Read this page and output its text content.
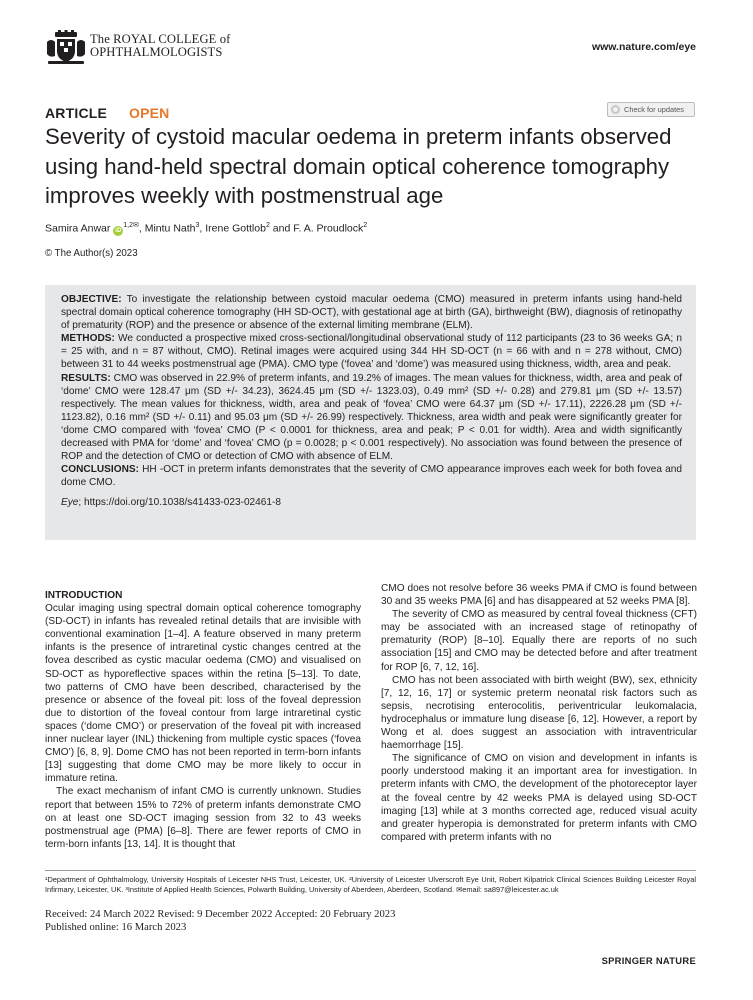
The ROYAL COLLEGE of
OPHTHALMOLOGISTS	www.nature.com/eye
ARTICLE OPEN	Check for updates
Severity of cystoid macular oedema in preterm infants observed using hand-held spectral domain optical coherence tomography improves weekly with postmenstrual age
Samira Anwar $iD^{1,2✉}$, Mintu Nath$^3$, Irene Gottlob$^2$ and F. A. Proudlock$^2$
© The Author(s) 2023

OBJECTIVE: To investigate the relationship between cystoid macular oedema (CMO) measured in preterm infants using hand-held spectral domain optical coherence tomography (HH SD-OCT), with gestational age at birth (GA), birthweight (BW), diagnosis of retinopathy of prematurity (ROP) and the presence or absence of the external limiting membrane (ELM).

METHODS: We conducted a prospective mixed cross-sectional/longitudinal observational study of 112 participants (23 to 36 weeks GA; n = 25 with, and n = 87 without, CMO). Retinal images were acquired using 344 HH SD-OCT (n = 66 with and n = 278 without, CMO) between 31 to 44 weeks postmenstrual age (PMA). CMO type (‘fovea’ and ‘dome’) was measured using thickness, width, area and peak.

RESULTS: CMO was observed in 22.9% of preterm infants, and 19.2% of images. The mean values for thickness, width, area and peak of ‘dome’ CMO were 128.47 μm (SD +/- 34.23), 3624.45 μm (SD +/- 1323.03), 0.49 mm² (SD +/- 0.28) and 279.81 μm (SD +/- 13.57) respectively. The mean values for thickness, width, area and peak of ‘fovea’ CMO were 64.37 μm (SD +/- 17.11), 2226.28 μm (SD +/- 1123.82), 0.16 mm² (SD +/- 0.11) and 95.03 μm (SD +/- 26.99) respectively. Thickness, area width and peak were significantly greater for ‘dome CMO compared with ‘fovea’ CMO (P < 0.0001 for thickness, area and peak; P < 0.01 for width). Area and width significantly decreased with PMA for ‘dome’ and ‘fovea’ CMO (p = 0.0028; p < 0.001 respectively). No association was found between the presence of ROP and the detection of CMO or detection of CMO with absence of ELM.

CONCLUSIONS: HH -OCT in preterm infants demonstrates that the severity of CMO appearance improves each week for both fovea and dome CMO.

Eye; https://doi.org/10.1038/s41433-023-02461-8

INTRODUCTION

Ocular imaging using spectral domain optical coherence tomography (SD-OCT) in infants has revealed retinal details that are invisible with conventional examination [1–4]. A feature observed in many preterm infants is the presence of intraretinal cystic changes centred at the fovea described as cystic macular oedema (CMO) and visualised on SD-OCT as hyporeflective spaces within the retina [5–13]. To date, two patterns of CMO have been described, characterised by the presence or absence of the foveal pit: loss of the foveal depression due to distortion of the foveal contour from large intraretinal cystic spaces (‘dome CMO’) or preservation of the foveal pit with increased inner nuclear layer (INL) thickening from multiple cystic spaces (‘fovea CMO’) [6, 8, 9]. Dome CMO has not been reported in term-born infants [13] suggesting that dome CMO may be more likely to occur in immature retina.

The exact mechanism of infant CMO is currently unknown. Studies report that between 15% to 72% of preterm infants demonstrate CMO on at least one SD-OCT imaging session from 32 to 43 weeks postmenstrual age (PMA) [6–8]. There are fewer reports of CMO in term-born infants [13, 14]. It is thought that

CMO does not resolve before 36 weeks PMA if CMO is found between 30 and 35 weeks PMA [6] and has disappeared at 52 weeks PMA [8].

The severity of CMO as measured by central foveal thickness (CFT) may be associated with an increased stage of retinopathy of prematurity (ROP) [8–10]. Equally there are reports of no such association [15] and CMO may be detected before and after treatment for ROP [6, 7, 12, 16].

CMO has not been associated with birth weight (BW), sex, ethnicity [7, 12, 16, 17] or systemic preterm neonatal risk factors such as sepsis, necrotising enterocolitis, periventricular leukomalacia, hydrocephalus or immature lung disease [6, 12]. However, a report by Wong et al. does suggest an association with intraventricular haemorrhage [15].

The significance of CMO on vision and development in infants is poorly understood making it an important area for investigation. In preterm infants with CMO, the development of the photoreceptor layer at the foveal centre by 42 weeks PMA is delayed using SD-OCT imaging [13] while at 3 months corrected age, reduced visual acuity and greater hyperopia is demonstrated for preterm infants with CMO compared with preterm infants with no

¹Department of Ophthalmology, University Hospitals of Leicester NHS Trust, Leicester, UK. ²University of Leicester Ulverscroft Eye Unit, Robert Kilpatrick Clinical Sciences Building Leicester Royal Infirmary, Leicester, UK. ³Institute of Applied Health Sciences, Polwarth Building, University of Aberdeen, Aberdeen, Scotland. ✉email: sa897@leicester.ac.uk
Received: 24 March 2022 Revised: 9 December 2022 Accepted: 20 February 2023
Published online: 16 March 2023
SPRINGER NATURE
